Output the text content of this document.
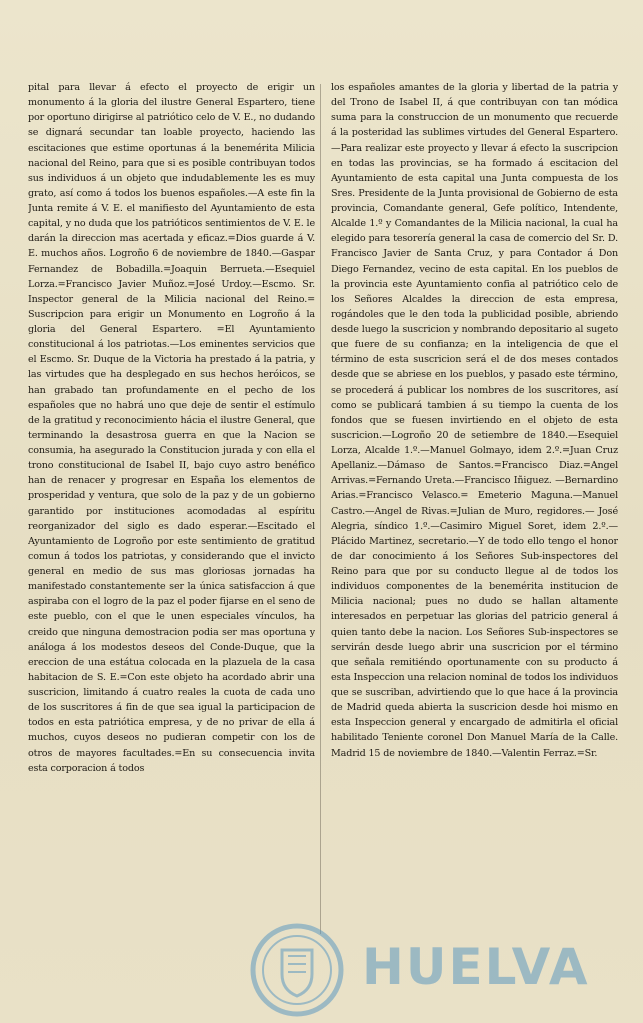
pital para llevar á efecto el proyecto de erigir un monumento á la gloria del ilustre General Espartero, tiene por oportuno dirigirse al patriótico celo de V. E., no dudando se dignará secundar tan loable proyecto, haciendo las escitaciones que estime oportunas á la benemérita Milicia nacional del Reino, para que si es posible contribuyan todos sus individuos á un objeto que indudablemente les es muy grato, así como á todos los buenos españoles.—A este fin la Junta remite á V. E. el manifiesto del Ayuntamiento de esta capital, y no duda que los patrióticos sentimientos de V. E. le darán la direccion mas acertada y eficaz.=Dios guarde á V. E. muchos años. Logroño 6 de noviembre de 1840.—Gaspar Fernandez de Bobadilla.=Joaquin Berrueta.—Esequiel Lorza.=Francisco Javier Muñoz.=José Urdoy.—Escmo. Sr. Inspector general de la Milicia nacional del Reino.= Suscripcion para erigir un Monumento en Logroño á la gloria del General Espartero. =El Ayuntamiento constitucional á los patriotas.—Los eminentes servicios que el Escmo. Sr. Duque de la Victoria ha prestado á la patria, y las virtudes que ha desplegado en sus hechos heróicos, se han grabado tan profundamente en el pecho de los españoles que no habrá uno que deje de sentir el estímulo de la gratitud y reconocimiento hácia el ilustre General, que terminando la desastrosa guerra en que la Nacion se consumia, ha asegurado la Constitucion jurada y con ella el trono constitucional de Isabel II, bajo cuyo astro benéfico han de renacer y progresar en España los elementos de prosperidad y ventura, que solo de la paz y de un gobierno garantido por instituciones acomodadas al espíritu reorganizador del siglo es dado esperar.—Escitado el Ayuntamiento de Logroño por este sentimiento de gratitud comun á todos los patriotas, y considerando que el invicto general en medio de sus mas gloriosas jornadas ha manifestado constantemente ser la única satisfaccion á que aspiraba con el logro de la paz el poder fijarse en el seno de este pueblo, con el que le unen especiales vínculos, ha creido que ninguna demostracion podia ser mas oportuna y análoga á los modestos deseos del Conde-Duque, que la ereccion de una estátua colocada en la plazuela de la casa habitacion de S. E.=Con este objeto ha acordado abrir una suscricion, limitando á cuatro reales la cuota de cada uno de los suscritores á fin de que sea igual la participacion de todos en esta patriótica empresa, y de no privar de ella á muchos, cuyos deseos no pudieran competir con los de otros de mayores facultades.=En su consecuencia invita esta corporacion á todos

los españoles amantes de la gloria y libertad de la patria y del Trono de Isabel II, á que contribuyan con tan módica suma para la construccion de un monumento que recuerde á la posteridad las sublimes virtudes del General Espartero.—Para realizar este proyecto y llevar á efecto la suscripcion en todas las provincias, se ha formado á escitacion del Ayuntamiento de esta capital una Junta compuesta de los Sres. Presidente de la Junta provisional de Gobierno de esta provincia, Comandante general, Gefe político, Intendente, Alcalde 1.º y Comandantes de la Milicia nacional, la cual ha elegido para tesorería general la casa de comercio del Sr. D. Francisco Javier de Santa Cruz, y para Contador á Don Diego Fernandez, vecino de esta capital. En los pueblos de la provincia este Ayuntamiento confia al patriótico celo de los Señores Alcaldes la direccion de esta empresa, rogándoles que le den toda la publicidad posible, abriendo desde luego la suscricion y nombrando depositario al sugeto que fuere de su confianza; en la inteligencia de que el término de esta suscricion será el de dos meses contados desde que se abriese en los pueblos, y pasado este término, se procederá á publicar los nombres de los suscritores, así como se publicará tambien á su tiempo la cuenta de los fondos que se fuesen invirtiendo en el objeto de esta suscricion.—Logroño 20 de setiembre de 1840.—Esequiel Lorza, Alcalde 1.º.—Manuel Golmayo, idem 2.º.=Juan Cruz Apellaniz.—Dámaso de Santos.=Francisco Diaz.=Angel Arrivas.=Fernando Ureta.—Francisco Iñiguez. —Bernardino Arias.=Francisco Velasco.= Emeterio Maguna.—Manuel Castro.—Angel de Rivas.=Julian de Muro, regidores.— José Alegria, síndico 1.º.—Casimiro Miguel Soret, idem 2.º.—Plácido Martinez, secretario.—Y de todo ello tengo el honor de dar conocimiento á los Señores Sub-inspectores del Reino para que por su conducto llegue al de todos los individuos componentes de la benemérita institucion de Milicia nacional; pues no dudo se hallan altamente interesados en perpetuar las glorias del patricio general á quien tanto debe la nacion. Los Señores Sub-inspectores se servirán desde luego abrir una suscricion por el término que señala remitiéndo oportunamente con su producto á esta Inspeccion una relacion nominal de todos los individuos que se suscriban, advirtiendo que lo que hace á la provincia de Madrid queda abierta la suscricion desde hoi mismo en esta Inspeccion general y encargado de admitirla el oficial habilitado Teniente coronel Don Manuel María de la Calle. Madrid 15 de noviembre de 1840.—Valentin Ferraz.=Sr.

HUELVA
